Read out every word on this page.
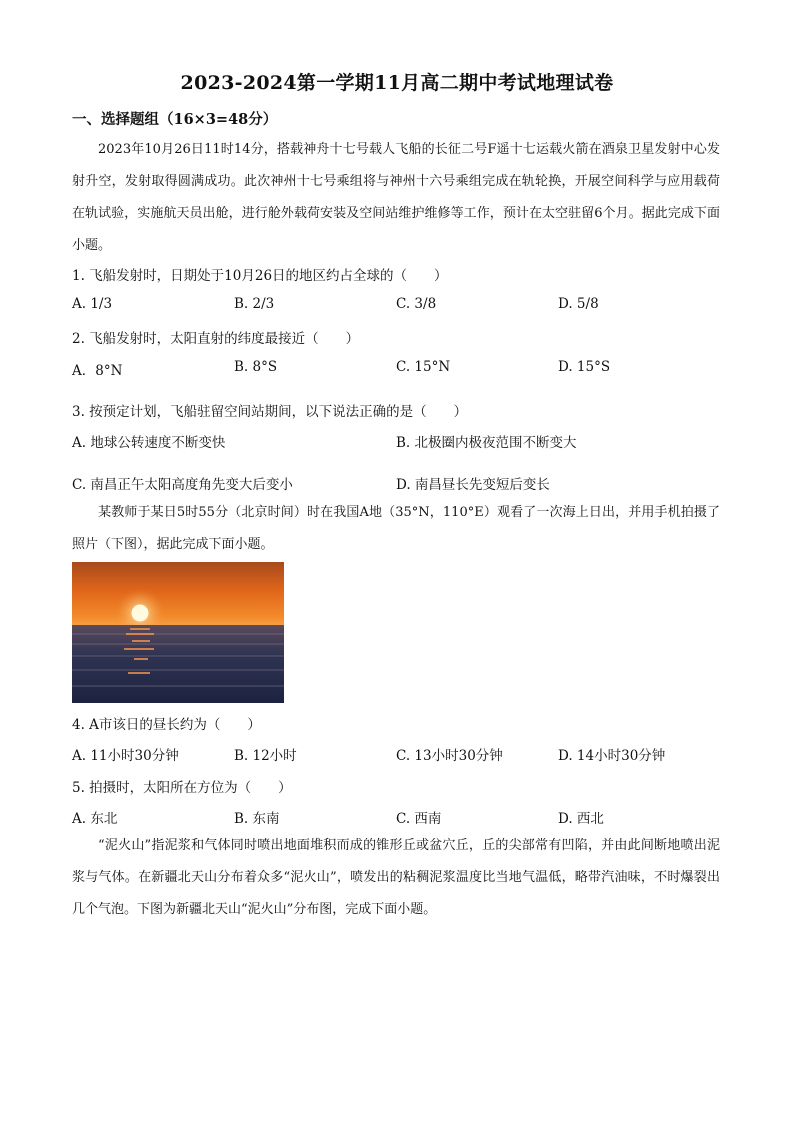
2023-2024第一学期11月高二期中考试地理试卷
一、选择题组（16×3=48分）
2023年10月26日11时14分，搭载神舟十七号载人飞船的长征二号F遥十七运载火箭在酒泉卫星发射中心发射升空，发射取得圆满成功。此次神州十七号乘组将与神州十六号乘组完成在轨轮换，开展空间科学与应用载荷在轨试验，实施航天员出舱，进行舱外载荷安装及空间站维护维修等工作，预计在太空驻留6个月。据此完成下面小题。
1. 飞船发射时，日期处于10月26日的地区约占全球的（　　）
A. 1/3	B. 2/3	C. 3/8	D. 5/8
2. 飞船发射时，太阳直射的纬度最接近（　　）
A．8°N	B. 8°S	C. 15°N	D. 15°S
3. 按预定计划，飞船驻留空间站期间，以下说法正确的是（　　）
A. 地球公转速度不断变快	B. 北极圈内极夜范围不断变大
C. 南昌正午太阳高度角先变大后变小	D. 南昌昼长先变短后变长
某教师于某日5时55分（北京时间）时在我国A地（35°N，110°E）观看了一次海上日出，并用手机拍摄了照片（下图），据此完成下面小题。
4. A市该日的昼长约为（　　）
A. 11小时30分钟	B. 12小时	C. 13小时30分钟	D. 14小时30分钟
5. 拍摄时，太阳所在方位为（　　）
A. 东北	B. 东南	C. 西南	D. 西北
“泥火山”指泥浆和气体同时喷出地面堆积而成的锥形丘或盆穴丘，丘的尖部常有凹陷，并由此间断地喷出泥浆与气体。在新疆北天山分布着众多“泥火山”，喷发出的粘稠泥浆温度比当地气温低，略带汽油味，不时爆裂出几个气泡。下图为新疆北天山“泥火山”分布图，完成下面小题。
